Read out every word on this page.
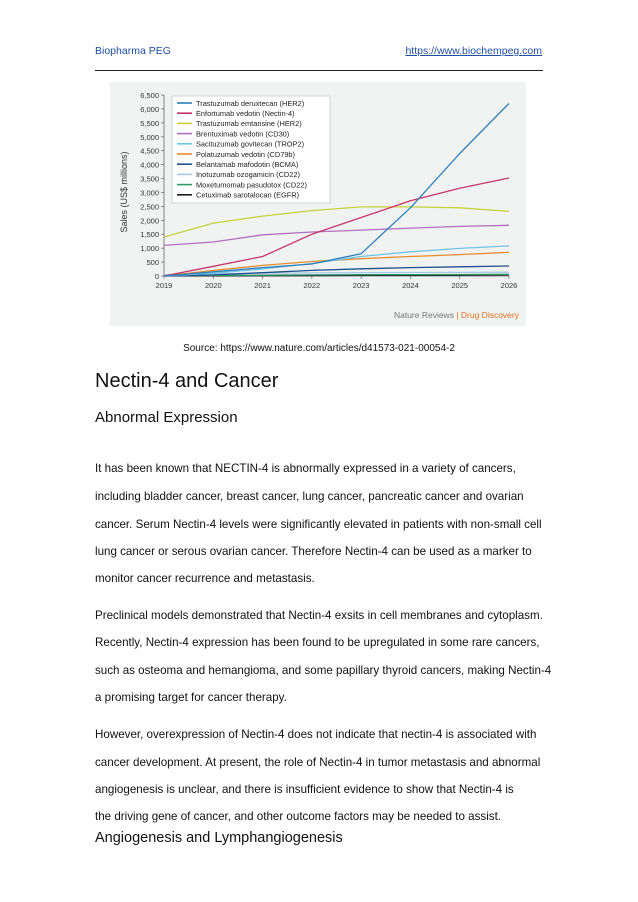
Biopharma PEG	https://www.biochempeg.com
0
500
1,000
1,500
2,000
2,500
3,000
3,500
4,000
4,500
5,000
5,500
6,000
6,500
2019	2020	2021	2022	2023	2024	2025	2026
Trastuzumab deruxtecan (HER2)
Enfortumab vedotin (Nectin-4)
Trastuzumab emtansine (HER2)
Brentuximab vedotin (CD30)
Sacituzumab govitecan (TROP2)
Polatuzumab vedotin (CD79b)
Belantamab mafodotin (BCMA)
Inotuzumab ozogamicin (CD22)
Moxetumomab pasudotox (CD22)
Cetuximab sarotalocan (EGFR)
Sales (US$ millions)
Nature Reviews | Drug Discovery
Source: https://www.nature.com/articles/d41573-021-00054-2
Nectin-4 and Cancer
Abnormal Expression
It has been known that NECTIN-4 is abnormally expressed in a variety of cancers,
including bladder cancer, breast cancer, lung cancer, pancreatic cancer and ovarian
cancer. Serum Nectin-4 levels were significantly elevated in patients with non-small cell
lung cancer or serous ovarian cancer. Therefore Nectin-4 can be used as a marker to
monitor cancer recurrence and metastasis.
Preclinical models demonstrated that Nectin-4 exsits in cell membranes and cytoplasm.
Recently, Nectin-4 expression has been found to be upregulated in some rare cancers,
such as osteoma and hemangioma, and some papillary thyroid cancers, making Nectin-4
a promising target for cancer therapy.
However, overexpression of Nectin-4 does not indicate that nectin-4 is associated with
cancer development. At present, the role of Nectin-4 in tumor metastasis and abnormal
angiogenesis is unclear, and there is insufficient evidence to show that Nectin-4 is
the driving gene of cancer, and other outcome factors may be needed to assist.
Angiogenesis and Lymphangiogenesis
